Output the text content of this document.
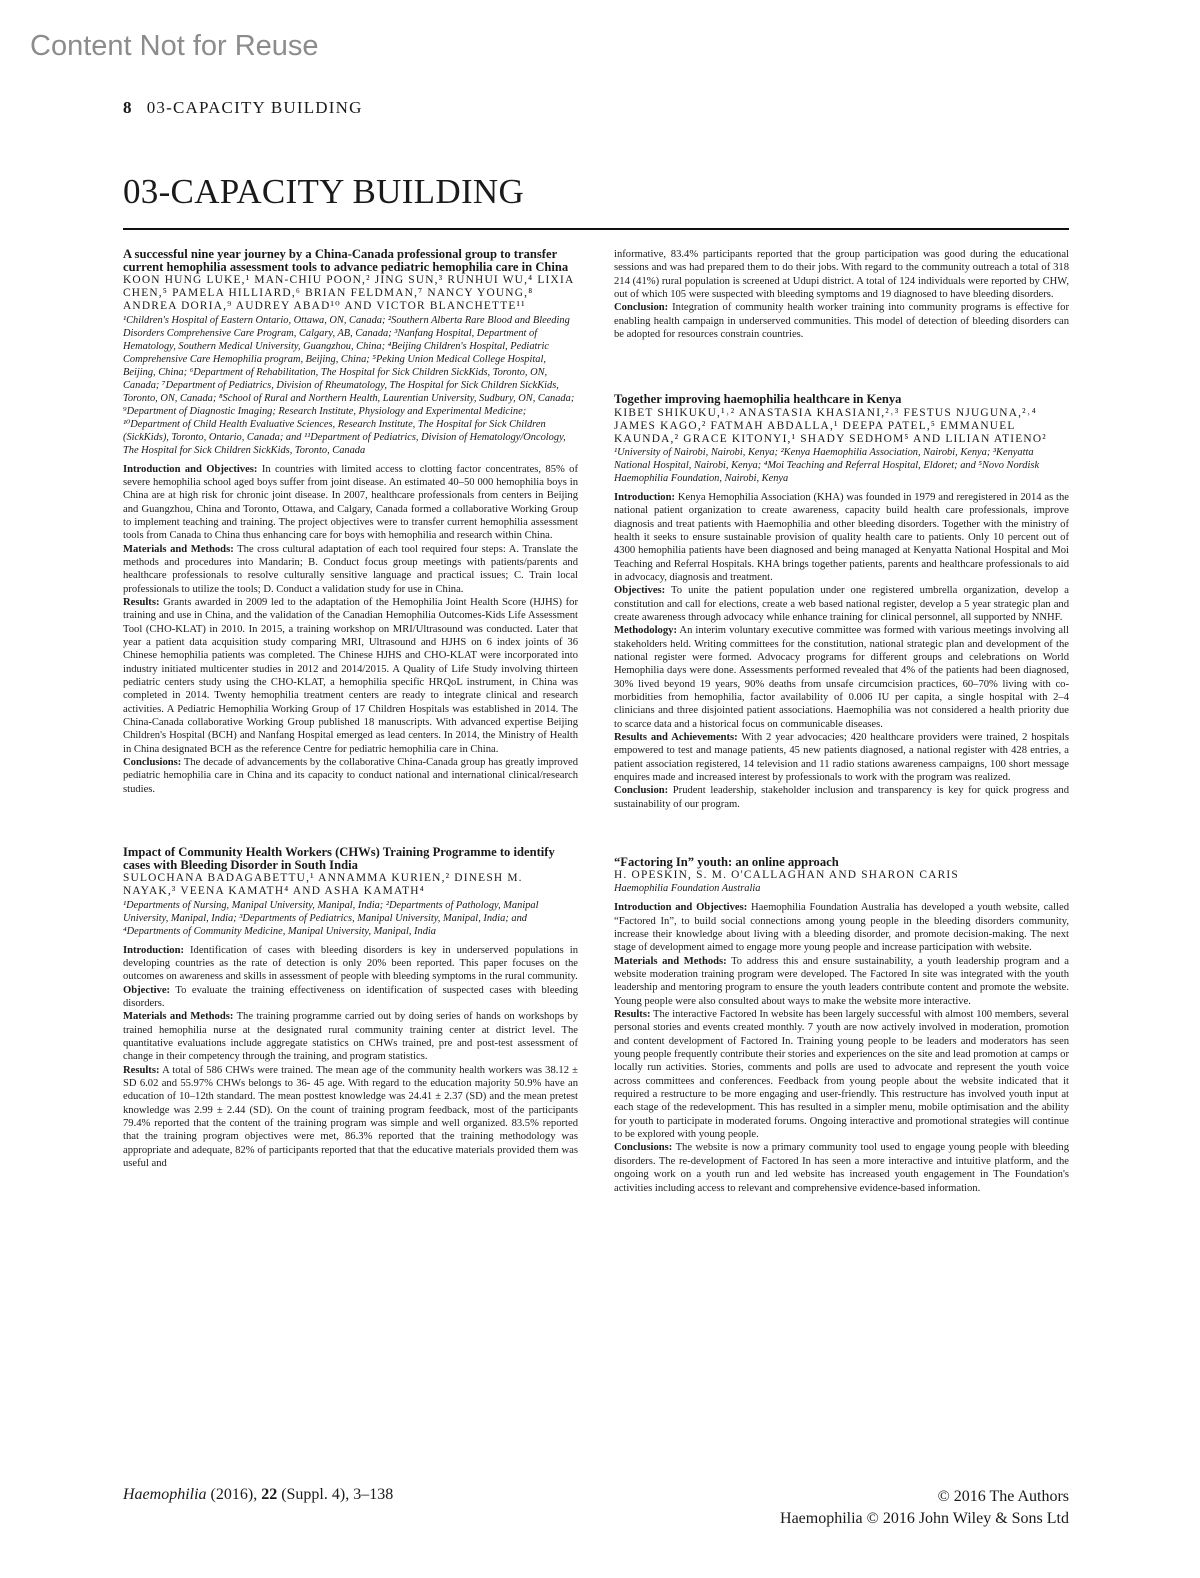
Content Not for Reuse
8 03-CAPACITY BUILDING
03-CAPACITY BUILDING
A successful nine year journey by a China-Canada professional group to transfer current hemophilia assessment tools to advance pediatric hemophilia care in China
KOON HUNG LUKE,¹ MAN-CHIU POON,² JING SUN,³ RUNHUI WU,⁴ LIXIA CHEN,⁵ PAMELA HILLIARD,⁶ BRIAN FELDMAN,⁷ NANCY YOUNG,⁸ ANDREA DORIA,⁹ AUDREY ABAD¹⁰ AND VICTOR BLANCHETTE¹¹
¹Children's Hospital of Eastern Ontario, Ottawa, ON, Canada; ²Southern Alberta Rare Blood and Bleeding Disorders Comprehensive Care Program, Calgary, AB, Canada; ³Nanfang Hospital, Department of Hematology, Southern Medical University, Guangzhou, China; ⁴Beijing Children's Hospital, Pediatric Comprehensive Care Hemophilia program, Beijing, China; ⁵Peking Union Medical College Hospital, Beijing, China; ⁶Department of Rehabilitation, The Hospital for Sick Children SickKids, Toronto, ON, Canada; ⁷Department of Pediatrics, Division of Rheumatology, The Hospital for Sick Children SickKids, Toronto, ON, Canada; ⁸School of Rural and Northern Health, Laurentian University, Sudbury, ON, Canada; ⁹Department of Diagnostic Imaging; Research Institute, Physiology and Experimental Medicine; ¹⁰Department of Child Health Evaluative Sciences, Research Institute, The Hospital for Sick Children (SickKids), Toronto, Ontario, Canada; and ¹¹Department of Pediatrics, Division of Hematology/Oncology, The Hospital for Sick Children SickKids, Toronto, Canada

Introduction and Objectives: In countries with limited access to clotting factor concentrates, 85% of severe hemophilia school aged boys suffer from joint disease. An estimated 40–50 000 hemophilia boys in China are at high risk for chronic joint disease. In 2007, healthcare professionals from centers in Beijing and Guangzhou, China and Toronto, Ottawa, and Calgary, Canada formed a collaborative Working Group to implement teaching and training. The project objectives were to transfer current hemophilia assessment tools from Canada to China thus enhancing care for boys with hemophilia and research within China.

Materials and Methods: The cross cultural adaptation of each tool required four steps: A. Translate the methods and procedures into Mandarin; B. Conduct focus group meetings with patients/parents and healthcare professionals to resolve culturally sensitive language and practical issues; C. Train local professionals to utilize the tools; D. Conduct a validation study for use in China.

Results: Grants awarded in 2009 led to the adaptation of the Hemophilia Joint Health Score (HJHS) for training and use in China, and the validation of the Canadian Hemophilia Outcomes-Kids Life Assessment Tool (CHO-KLAT) in 2010. In 2015, a training workshop on MRI/Ultrasound was conducted. Later that year a patient data acquisition study comparing MRI, Ultrasound and HJHS on 6 index joints of 36 Chinese hemophilia patients was completed. The Chinese HJHS and CHO-KLAT were incorporated into industry initiated multicenter studies in 2012 and 2014/2015. A Quality of Life Study involving thirteen pediatric centers study using the CHO-KLAT, a hemophilia specific HRQoL instrument, in China was completed in 2014. Twenty hemophilia treatment centers are ready to integrate clinical and research activities. A Pediatric Hemophilia Working Group of 17 Children Hospitals was established in 2014. The China-Canada collaborative Working Group published 18 manuscripts. With advanced expertise Beijing Children's Hospital (BCH) and Nanfang Hospital emerged as lead centers. In 2014, the Ministry of Health in China designated BCH as the reference Centre for pediatric hemophilia care in China.

Conclusions: The decade of advancements by the collaborative China-Canada group has greatly improved pediatric hemophilia care in China and its capacity to conduct national and international clinical/research studies.

Impact of Community Health Workers (CHWs) Training Programme to identify cases with Bleeding Disorder in South India
SULOCHANA BADAGABETTU,¹ ANNAMMA KURIEN,² DINESH M. NAYAK,³ VEENA KAMATH⁴ AND ASHA KAMATH⁴
¹Departments of Nursing, Manipal University, Manipal, India; ²Departments of Pathology, Manipal University, Manipal, India; ³Departments of Pediatrics, Manipal University, Manipal, India; and ⁴Departments of Community Medicine, Manipal University, Manipal, India

Introduction: Identification of cases with bleeding disorders is key in underserved populations in developing countries as the rate of detection is only 20% been reported. This paper focuses on the outcomes on awareness and skills in assessment of people with bleeding symptoms in the rural community.

Objective: To evaluate the training effectiveness on identification of suspected cases with bleeding disorders.

Materials and Methods: The training programme carried out by doing series of hands on workshops by trained hemophilia nurse at the designated rural community training center at district level. The quantitative evaluations include aggregate statistics on CHWs trained, pre and post-test assessment of change in their competency through the training, and program statistics.

Results: A total of 586 CHWs were trained. The mean age of the community health workers was 38.12 ± SD 6.02 and 55.97% CHWs belongs to 36- 45 age. With regard to the education majority 50.9% have an education of 10–12th standard. The mean posttest knowledge was 24.41 ± 2.37 (SD) and the mean pretest knowledge was 2.99 ± 2.44 (SD). On the count of training program feedback, most of the participants 79.4% reported that the content of the training program was simple and well organized. 83.5% reported that the training program objectives were met, 86.3% reported that the training methodology was appropriate and adequate, 82% of participants reported that that the educative materials provided them was useful and

informative, 83.4% participants reported that the group participation was good during the educational sessions and was had prepared them to do their jobs. With regard to the community outreach a total of 318 214 (41%) rural population is screened at Udupi district. A total of 124 individuals were reported by CHW, out of which 105 were suspected with bleeding symptoms and 19 diagnosed to have bleeding disorders.

Conclusion: Integration of community health worker training into community programs is effective for enabling health campaign in underserved communities. This model of detection of bleeding disorders can be adopted for resources constrain countries.

Together improving haemophilia healthcare in Kenya
KIBET SHIKUKU,¹˒² ANASTASIA KHASIANI,²˒³ FESTUS NJUGUNA,²˒⁴ JAMES KAGO,² FATMAH ABDALLA,¹ DEEPA PATEL,⁵ EMMANUEL KAUNDA,² GRACE KITONYI,¹ SHADY SEDHOM⁵ AND LILIAN ATIENO²
¹University of Nairobi, Nairobi, Kenya; ²Kenya Haemophilia Association, Nairobi, Kenya; ³Kenyatta National Hospital, Nairobi, Kenya; ⁴Moi Teaching and Referral Hospital, Eldoret; and ⁵Novo Nordisk Haemophilia Foundation, Nairobi, Kenya

Introduction: Kenya Hemophilia Association (KHA) was founded in 1979 and reregistered in 2014 as the national patient organization to create awareness, capacity build health care professionals, improve diagnosis and treat patients with Haemophilia and other bleeding disorders. Together with the ministry of health it seeks to ensure sustainable provision of quality health care to patients. Only 10 percent out of 4300 hemophilia patients have been diagnosed and being managed at Kenyatta National Hospital and Moi Teaching and Referral Hospitals. KHA brings together patients, parents and healthcare professionals to aid in advocacy, diagnosis and treatment.

Objectives: To unite the patient population under one registered umbrella organization, develop a constitution and call for elections, create a web based national register, develop a 5 year strategic plan and create awareness through advocacy while enhance training for clinical personnel, all supported by NNHF.

Methodology: An interim voluntary executive committee was formed with various meetings involving all stakeholders held. Writing committees for the constitution, national strategic plan and development of the national register were formed. Advocacy programs for different groups and celebrations on World Hemophilia days were done. Assessments performed revealed that 4% of the patients had been diagnosed, 30% lived beyond 19 years, 90% deaths from unsafe circumcision practices, 60–70% living with co-morbidities from hemophilia, factor availability of 0.006 IU per capita, a single hospital with 2–4 clinicians and three disjointed patient associations. Haemophilia was not considered a health priority due to scarce data and a historical focus on communicable diseases.

Results and Achievements: With 2 year advocacies; 420 healthcare providers were trained, 2 hospitals empowered to test and manage patients, 45 new patients diagnosed, a national register with 428 entries, a patient association registered, 14 television and 11 radio stations awareness campaigns, 100 short message enquires made and increased interest by professionals to work with the program was realized.

Conclusion: Prudent leadership, stakeholder inclusion and transparency is key for quick progress and sustainability of our program.

“Factoring In” youth: an online approach
H. OPESKIN, S. M. O'CALLAGHAN AND SHARON CARIS
Haemophilia Foundation Australia

Introduction and Objectives: Haemophilia Foundation Australia has developed a youth website, called “Factored In”, to build social connections among young people in the bleeding disorders community, increase their knowledge about living with a bleeding disorder, and promote decision-making. The next stage of development aimed to engage more young people and increase participation with website.

Materials and Methods: To address this and ensure sustainability, a youth leadership program and a website moderation training program were developed. The Factored In site was integrated with the youth leadership and mentoring program to ensure the youth leaders contribute content and promote the website. Young people were also consulted about ways to make the website more interactive.

Results: The interactive Factored In website has been largely successful with almost 100 members, several personal stories and events created monthly. 7 youth are now actively involved in moderation, promotion and content development of Factored In. Training young people to be leaders and moderators has seen young people frequently contribute their stories and experiences on the site and lead promotion at camps or locally run activities. Stories, comments and polls are used to advocate and represent the youth voice across committees and conferences. Feedback from young people about the website indicated that it required a restructure to be more engaging and user-friendly. This restructure has involved youth input at each stage of the redevelopment. This has resulted in a simpler menu, mobile optimisation and the ability for youth to participate in moderated forums. Ongoing interactive and promotional strategies will continue to be explored with young people.

Conclusions: The website is now a primary community tool used to engage young people with bleeding disorders. The re-development of Factored In has seen a more interactive and intuitive platform, and the ongoing work on a youth run and led website has increased youth engagement in The Foundation's activities including access to relevant and comprehensive evidence-based information.

Haemophilia (2016), 22 (Suppl. 4), 3–138	© 2016 The Authors
Haemophilia © 2016 John Wiley & Sons Ltd
